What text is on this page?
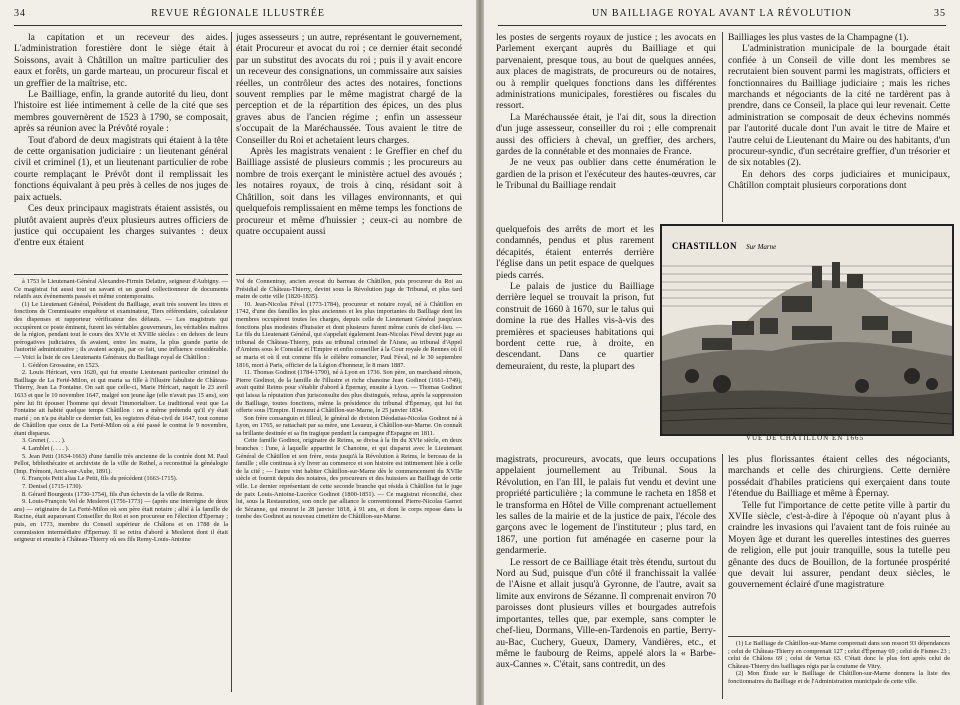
REVUE RÉGIONALE ILLUSTRÉE
34

la capitation et un receveur des aides. L'administration forestière dont le siège était à Soissons, avait à Châtillon un maître particulier des eaux et forêts, un garde marteau, un procureur fiscal et un greffier de la maîtrise, etc.

Le Bailliage, enfin, la grande autorité du lieu, dont l'histoire est liée intimement à celle de la cité que ses membres gouvernèrent de 1523 à 1790, se composait, après sa réunion avec la Prévôté royale :

Tout d'abord de deux magistrats qui étaient à la tête de cette organisation judiciaire : un lieutenant général civil et criminel (1), et un lieutenant particulier de robe courte remplaçant le Prévôt dont il remplissait les fonctions équivalant à peu près à celles de nos juges de paix actuels.

Ces deux principaux magistrats étaient assistés, ou plutôt avaient auprès d'eux plusieurs autres officiers de justice qui occupaient les charges suivantes : deux d'entre eux étaient

juges assesseurs ; un autre, représentant le gouvernement, était Procureur et avocat du roi ; ce dernier était secondé par un substitut des avocats du roi ; puis il y avait encore un receveur des consignations, un commissaire aux saisies réelles, un contrôleur des actes des notaires, fonctions souvent remplies par le même magistrat chargé de la perception et de la répartition des épices, un des plus graves abus de l'ancien régime ; enfin un assesseur s'occupait de la Maréchaussée. Tous avaient le titre de Conseiller du Roi et achetaient leurs charges.

Après les magistrats venaient : le Greffier en chef du Bailliage assisté de plusieurs commis ; les procureurs au nombre de trois exerçant le ministère actuel des avoués ; les notaires royaux, de trois à cinq, résidant soit à Châtillon, soit dans les villages environnants, et qui quelquefois remplissaient en même temps les fonctions de procureur et même d'huissier ; ceux-ci au nombre de quatre occupaient aussi

à 1753 le Lieutenant-Général Alexandre-Firmin Delattre, seigneur d'Aubigny. — Ce magistrat fut aussi tout un savant et un grand collectionneur de documents relatifs aux événements passés et même contemporains.

(1) Le Lieutenant Général, Président du Bailliage, avait très souvent les titres et fonctions de Commissaire enquêteur et examinateur, Tiers référendaire, calculateur des dispenses et rapporteur vérificateur des défauts. — Les magistrats qui occupèrent ce poste éminent, furent les véritables gouverneurs, les véritables maîtres de la région, pendant tout le cours des XVIe et XVIIIe siècles : en dehors de leurs prérogatives judiciaires, ils avaient, entre les mains, la plus grande partie de l'autorité administrative ; ils avaient acquis, par ce fait, une influence considérable. — Voici la liste de ces Lieutenants Généraux du Bailliage royal de Châtillon :

1. Gédéon Grossaine, en 1523.

2. Louis Héricart, vers 1620, qui fut ensuite Lieutenant particulier criminel du Bailliage de La Ferté-Milon, et qui maria sa fille à l'illustre fabuliste de Château-Thierry, Jean La Fontaine. On sait que celle-ci, Marie Héricart, naquit le 23 avril 1633 et que le 10 novembre 1647, malgré son jeune âge (elle n'avait pas 15 ans), son père lui fit épouser l'homme qui devait l'immortaliser. Le traditional veut que La Fontaine ait habité quelque temps Châtillon : on a même prétendu qu'il s'y était marié ; on n'a pu établir ce dernier fait, les registres d'état-civil de 1647, tout comme de Châtillon que ceux de La Ferté-Milon où a été passé le contrat le 9 novembre, étant disparus.

3. Grenet (. . . . ).

4. Lamblet (. . . . ).

5. Jean Petit (1634-1663) d'une famille très ancienne de la contrée dont M. Paul Pellot, bibliothécaire et archiviste de la ville de Rethel, a reconstitué la généalogie (Imp. Frémont, Arcis-sur-Aube, 1891).

6. François Petit alias Le Petit, fils du précédent (1663-1715).

7. Denisel (1715-1730).

8. Gérard Bourgeois (1730-1754), fils d'un échevin de la ville de Reims.

9. Louis-François Vol de Meslerot (1756-1773) — (après une interrègne de deux ans) — originaire de La Ferté-Milon où son père était notaire ; allié à la famille de Racine, était auparavant Conseiller du Roi et son procureur en l'élection d'Épernay ; puis, en 1773, membre du Conseil supérieur de Châlons et en 1788 de la commission intermédiaire d'Épernay. Il se retira d'abord à Meslerot dont il était seigneur et ensuite à Château-Thierry où ses fils Remy-Louis-Antoine

Vol de Connentray, ancien avocat du barreau de Châtillon, puis procureur du Roi au Présidial de Château-Thierry, devint sous la Révolution juge de Tribunal, et plus tard maire de cette ville (1820-1835).

10. Jean-Nicolas Féval (1773-1784), procureur et notaire royal, né à Châtillon en 1742, d'une des familles les plus anciennes et les plus importantes du Bailliage dont les membres occupèrent toutes les charges, depuis celle de Lieutenant Général jusqu'aux fonctions plus modestes d'huissier et dont plusieurs furent même curés de chef-lieu. — Le fils du Lieutenant Général, qui s'appelait également Jean-Nicolas Féval devint juge au tribunal de Château-Thierry, puis au tribunal criminel de l'Aisne, au tribunal d'Appel d'Amiens sous le Consulat et l'Empire et enfin conseiller à la Cour royale de Rennes où il se maria et où il eut comme fils le célèbre romancier, Paul Féval, né le 30 septembre 1816, mort à Paris, officier de la Légion d'honneur, le 8 mars 1887.

11. Thomas Godinot (1784-1790), né à Lyon en 1736. Son père, un marchand rémois, Pierre Godinot, de la famille de l'illustre et riche chanoine Jean Godinot (1661-1749), avait quitté Reims pour s'établir d'abord à Épernay, ensuite à Lyon. — Thomas Godinot qui laissa la réputation d'un jurisconsulte des plus distingués, refusa, après la suppression du Bailliage, toutes fonctions, même la présidence du tribunal d'Épernay, qui lui fut offerte sous l'Empire. Il mourut à Châtillon-sur-Marne, le 25 janvier 1834.

Son frère consanguin et filleul, le général de division Déodatias-Nicolas Godinot né à Lyon, en 1765, se rattachait par sa mère, une Lesueur, à Châtillon-sur-Marne. On connaît sa brillante destinée et sa fin tragique pendant la campagne d'Espagne en 1811.

Cette famille Godinot, originaire de Reims, se divisa à la fin du XVIe siècle, en deux branches : l'une, à laquelle appartint le Chanoine, et qui disparut avec le Lieutenant Général de Châtillon et son frère, resta jusqu'à la Révolution à Reims, le berceau de la famille ; elle continua à s'y livrer au commerce et son histoire est intimement liée à celle de la cité ; — l'autre vint habiter Châtillon-sur-Marne dès le commencement du XVIIe siècle et fournit depuis des notaires, des procureurs et des huissiers au Bailliage de cette ville. Le dernier représentant de cette seconde branche qui résida à Châtillon fut le juge de paix Louis-Antoine-Lucrèce Godinot (1800-1851). — Ce magistrat réconcilié, chez lui, sous la Restauration, son oncle par alliance le conventionnel Pierre-Nicolas Garnot de Sézanne, qui mourut le 28 janvier 1818, à 91 ans, et dont le corps repose dans la tombe des Godinot au nouveau cimetière de Châtillon-sur-Marne.

UN BAILLIAGE ROYAL AVANT LA RÉVOLUTION	35

les postes de sergents royaux de justice ; les avocats en Parlement exerçant auprès du Bailliage et qui parvenaient, presque tous, au bout de quelques années, aux places de magistrats, de procureurs ou de notaires, ou à remplir quelques fonctions dans les différentes administrations municipales, forestières ou fiscales du ressort.

La Maréchaussée était, je l'ai dit, sous la direction d'un juge assesseur, conseiller du roi ; elle comprenait aussi des officiers à cheval, un greffier, des archers, gardes de la connétable et des monnaies de France.

Je ne veux pas oublier dans cette énumération le gardien de la prison et l'exécuteur des hautes-œuvres, car le Tribunal du Bailliage rendait

quelquefois des arrêts de mort et les condamnés, pendus et plus rarement décapités, étaient enterrés derrière l'église dans un petit espace de quelques pieds carrés.

Le palais de justice du Bailliage derrière lequel se trouvait la prison, fut construit de 1660 à 1670, sur le talus qui domine la rue des Halles vis-à-vis des premières et spacieuses habitations qui bordent cette rue, à droite, en descendant. Dans ce quartier demeuraient, du reste, la plupart des

magistrats, procureurs, avocats, que leurs occupations appelaient journellement au Tribunal. Sous la Révolution, en l'an III, le palais fut vendu et devint une propriété particulière ; la commune le racheta en 1858 et le transforma en Hôtel de Ville comprenant actuellement les salles de la mairie et de la justice de paix, l'école des garçons avec le logement de l'instituteur ; plus tard, en 1867, une portion fut aménagée en caserne pour la gendarmerie.

Le ressort de ce Bailliage était très étendu, surtout du Nord au Sud, puisque d'un côté il franchissait la vallée de l'Aisne et allait jusqu'à Gyronne, de l'autre, avait sa limite aux environs de Sézanne. Il comprenait environ 70 paroisses dont plusieurs villes et bourgades autrefois importantes, telles que, par exemple, sans compter le chef-lieu, Dormans, Ville-en-Tardenois en partie, Berry-au-Bac, Cuchery, Gueux, Damery, Vandières, etc., et même le faubourg de Reims, appelé alors la « Barbe-aux-Cannes ». C'était, sans contredit, un des

Bailliages les plus vastes de la Champagne (1).

L'administration municipale de la bourgade était confiée à un Conseil de ville dont les membres se recrutaient bien souvent parmi les magistrats, officiers et fonctionnaires du Bailliage judiciaire ; mais les riches marchands et négociants de la cité ne tardèrent pas à prendre, dans ce Conseil, la place qui leur revenait. Cette administration se composait de deux échevins nommés par l'autorité ducale dont l'un avait le titre de Maire et l'autre celui de Lieutenant du Maire ou des habitants, d'un procureur-syndic, d'un secrétaire greffier, d'un trésorier et de six notables (2).

En dehors des corps judiciaires et municipaux, Châtillon comptait plusieurs corporations dont

CHASTILLON Sur Marne
VUE DE CHÂTILLON EN 1665

les plus florissantes étaient celles des négociants, marchands et celle des chirurgiens. Cette dernière possédait d'habiles praticiens qui exerçaient dans toute l'étendue du Bailliage et même à Épernay.

Telle fut l'importance de cette petite ville à partir du XVIIe siècle, c'est-à-dire à l'époque où n'ayant plus à craindre les invasions qui l'avaient tant de fois ruinée au Moyen âge et durant les querelles intestines des guerres de religion, elle put jouir tranquille, sous la tutelle peu gênante des ducs de Bouillon, de la fortunée prospérité que devait lui assurer, pendant deux siècles, le gouvernement éclairé d'une magistrature

(1) Le Bailliage de Châtillon-sur-Marne comprenait dans son ressort 93 dépendances ; celui de Château-Thierry en comprenait 127 ; celui d'Épernay 69 ; celui de Fismes 23 ; celui de Châlons 69 ; celui de Vertus 63. C'était donc le plus fort après celui de Château-Thierry des bailliages régis par la coutume de Vitry.

(2) Mon Étude sur le Bailliage de Châtillon-sur-Marne donnera la liste des fonctionnaires du Bailliage et de l'Administration municipale de cette ville.
